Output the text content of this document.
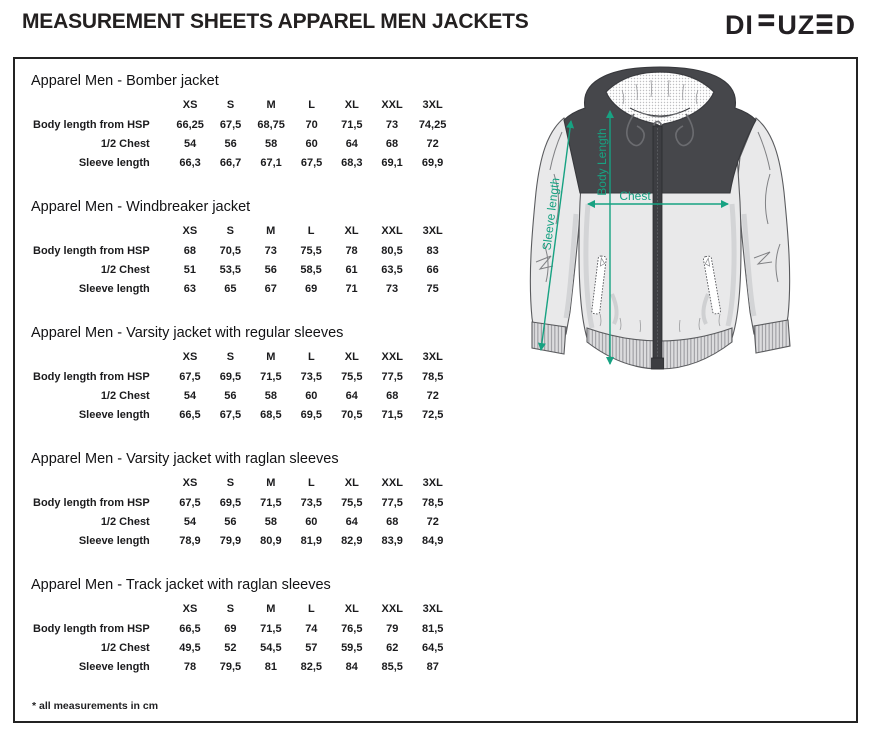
MEASUREMENT SHEETS APPAREL MEN JACKETS	DI UZ D
Apparel Men - Bomber jacket
	XS	S	M	L	XL	XXL	3XL
Body length from HSP	66,25	67,5	68,75	70	71,5	73	74,25
1/2 Chest	54	56	58	60	64	68	72
Sleeve length	66,3	66,7	67,1	67,5	68,3	69,1	69,9
Apparel Men - Windbreaker jacket
	XS	S	M	L	XL	XXL	3XL
Body length from HSP	68	70,5	73	75,5	78	80,5	83
1/2 Chest	51	53,5	56	58,5	61	63,5	66
Sleeve length	63	65	67	69	71	73	75
Apparel Men - Varsity jacket with regular sleeves
	XS	S	M	L	XL	XXL	3XL
Body length from HSP	67,5	69,5	71,5	73,5	75,5	77,5	78,5
1/2 Chest	54	56	58	60	64	68	72
Sleeve length	66,5	67,5	68,5	69,5	70,5	71,5	72,5
Apparel Men - Varsity jacket with raglan sleeves
	XS	S	M	L	XL	XXL	3XL
Body length from HSP	67,5	69,5	71,5	73,5	75,5	77,5	78,5
1/2 Chest	54	56	58	60	64	68	72
Sleeve length	78,9	79,9	80,9	81,9	82,9	83,9	84,9
Apparel Men - Track jacket with raglan sleeves
	XS	S	M	L	XL	XXL	3XL
Body length from HSP	66,5	69	71,5	74	76,5	79	81,5
1/2 Chest	49,5	52	54,5	57	59,5	62	64,5
Sleeve length	78	79,5	81	82,5	84	85,5	87
Body Length
Chest
Sleeve length
* all measurements in cm
